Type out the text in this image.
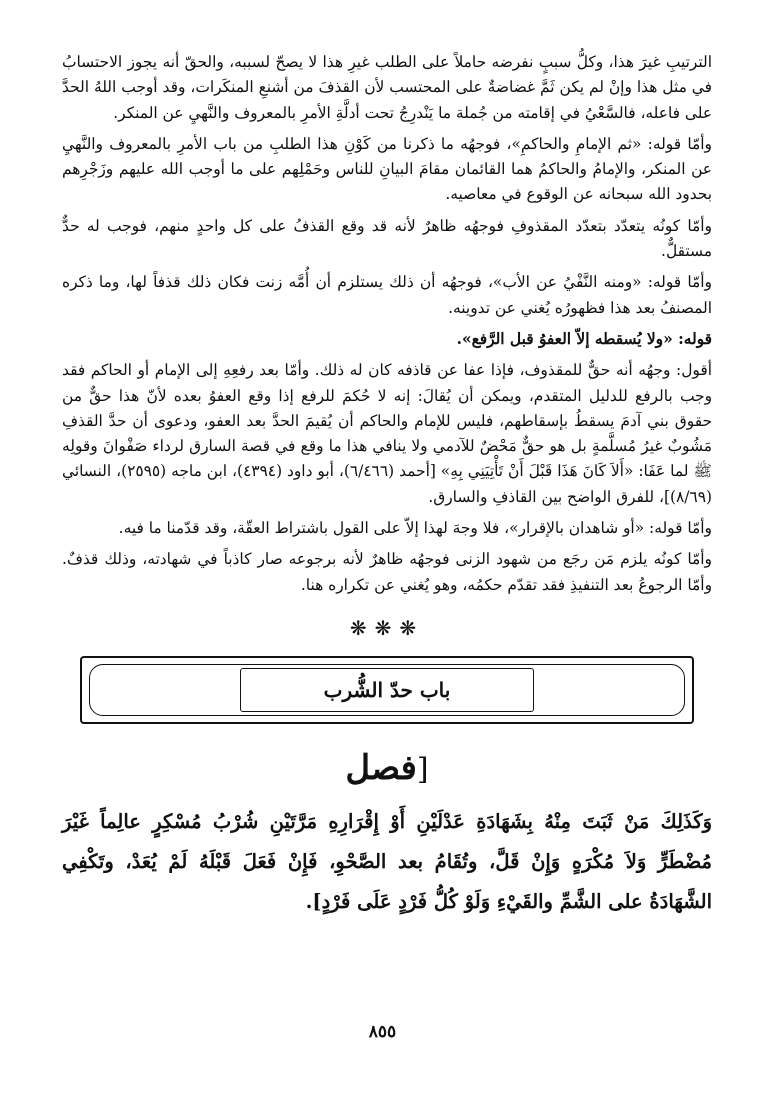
الترتيبِ غيرَ هذا، وكلُّ سببٍ نفرضه حاملاً على الطلب غيرِ هذا لا يصحّ لسببه، والحقّ أنه يجوز الاحتسابُ في مثل هذا وإنْ لم يكن ثَمَّ غضاضةٌ على المحتسب لأن القذفَ من أشنعِ المنكَرات، وقد أوجب اللهُ الحدَّ على فاعله، فالسَّعْيُ في إقامته من جُملة ما يَنْدرِجُ تحت أدلَّةِ الأمرِ بالمعروف والنَّهيِ عن المنكر.

وأمّا قوله: «ثم الإمامِ والحاكمِ»، فوجهُه ما ذكرنا من كَوْنِ هذا الطلبِ من باب الأمرِ بالمعروف والنَّهيِ عن المنكر، والإمامُ والحاكمُ هما القائمان مقامَ البيانِ للناس وحَمْلِهم على ما أوجب الله عليهم وزَجْرِهم بحدود الله سبحانه عن الوقوع في معاصيه.

وأمّا كونُه يتعدّد بتعدّد المقذوفِ فوجهُه ظاهرٌ لأنه قد وقع القذفُ على كل واحدٍ منهم، فوجب له حدٌّ مستقلٌّ.

وأمّا قوله: «ومنه النَّفْيُ عن الأب»، فوجهُه أن ذلك يستلزم أن أُمَّه زنت فكان ذلك قذفاً لها، وما ذكره المصنفُ بعد هذا فظهورُه يُغني عن تدوينه.

قوله: «ولا يُسقطه إلاّ العفوُ قبل الرَّفع».

أقول: وجهُه أنه حقٌّ للمقذوف، فإذا عفا عن قاذفه كان له ذلك. وأمّا بعد رفعِهِ إلى الإمام أو الحاكم فقد وجب بالرفع للدليل المتقدم، ويمكن أن يُقالَ: إنه لا حُكمَ للرفع إذا وقع العفوُ بعده لأنّ هذا حقٌّ من حقوق بني آدمَ يسقطُ بإسقاطهم، فليس للإمام والحاكم أن يُقيمَ الحدَّ بعد العفو، ودعوى أن حدَّ القذفِ مَشُوبٌ غيرُ مُسلَّمةٍ بل هو حقٌّ مَحْضٌ للآدمي ولا ينافي هذا ما وقع في قصة السارق لرداء صَفْوانَ وقولِه ﷺ لما عَفَا: «أَلاَ كَانَ هَذَا قَبْلَ أَنْ تَأْتِيَنِي بِهِ» [أحمد (٦/٤٦٦)، أبو داود (٤٣٩٤)، ابن ماجه (٢٥٩٥)، النسائي (٨/٦٩)]، للفرق الواضح بين القاذفِ والسارق.

وأمّا قوله: «أو شاهدان بالإقرار»، فلا وجهَ لهذا إلاّ على القول باشتراط العقّة، وقد قدّمنا ما فيه.

وأمّا كونُه يلزم مَن رجَع من شهود الزنى فوجهُه ظاهرٌ لأنه برجوعه صار كاذباً في شهادته، وذلك قذفٌ. وأمّا الرجوعُ بعد التنفيذِ فقد تقدّم حكمُه، وهو يُغني عن تكراره هنا.

❋❋❋
باب حدّ الشُّرب
[فصل

وَكَذَلِكَ مَنْ ثَبَتَ مِنْهُ بِشَهَادَةِ عَدْلَيْنِ أَوْ إِقْرَارِهِ مَرَّتَيْنِ شُرْبُ مُسْكِرٍ عالِماً غَيْرَ مُضْطَرٍّ وَلاَ مُكْرَهٍ وَإِنْ قَلَّ، وتُقَامُ بعد الصَّحْوِ، فَإِنْ فَعَلَ قَبْلَهُ لَمْ يُعَدْ، وتَكْفِي الشَّهَادَةُ على الشَّمِّ والقَيْءِ وَلَوْ كُلُّ فَرْدٍ عَلَى فَرْدٍ].

٨٥٥
